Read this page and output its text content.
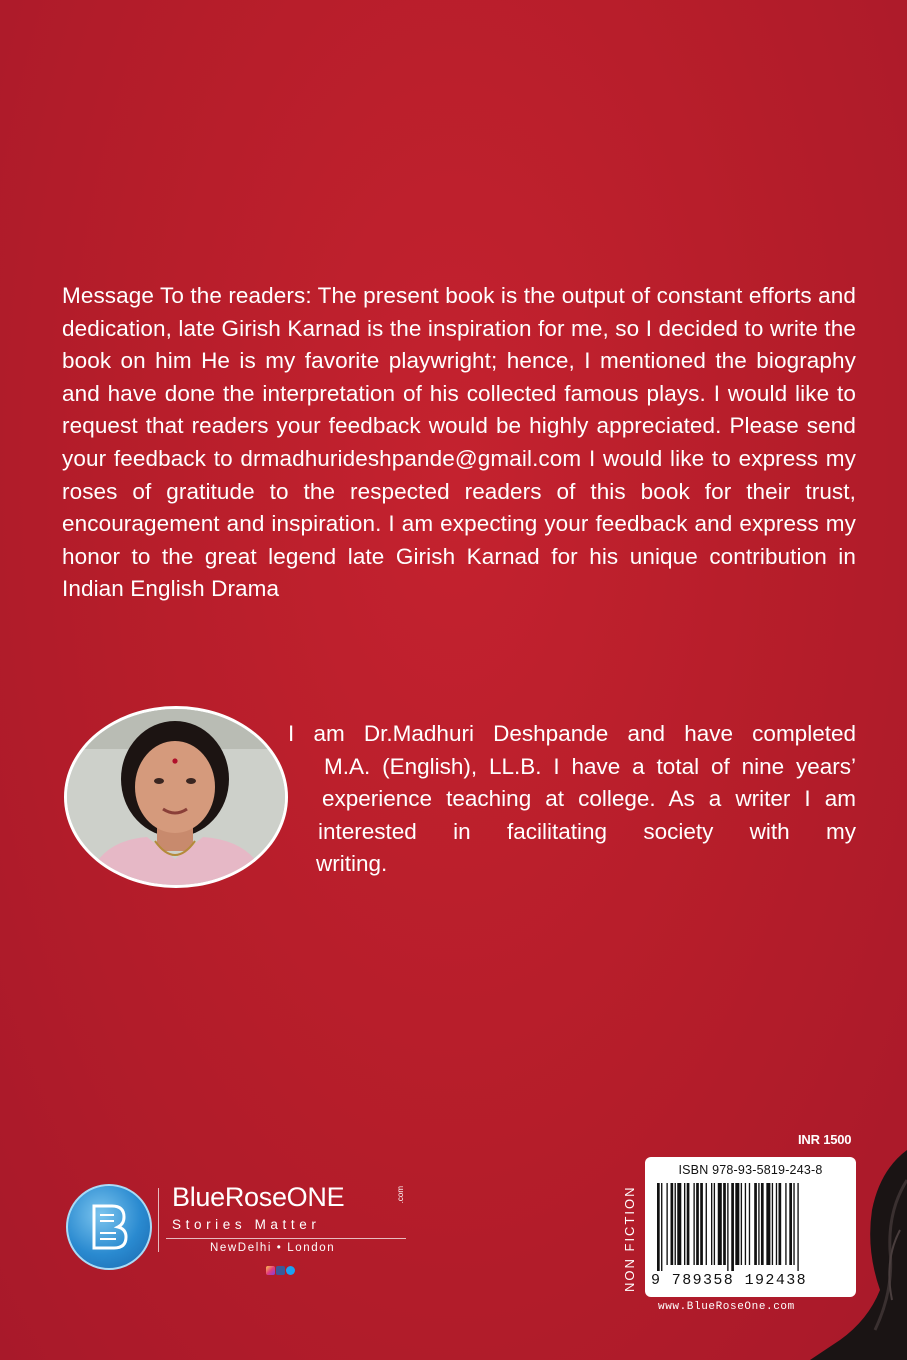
Message To the readers: The present book is the output of constant efforts and dedication, late Girish Karnad is the inspiration for me, so I decided to write the book on him He is my favorite playwright; hence, I mentioned the biography and have done the interpretation of his collected famous plays. I would like to request that readers your feedback would be highly appreciated. Please send your feedback to drmadhurideshpande@gmail.com I would like to express my roses of gratitude to the respected readers of this book for their trust, encouragement and inspiration. I am expecting your feedback and express my honor to the great legend late Girish Karnad for his unique contribution in Indian English Drama

I am Dr.Madhuri Deshpande and have completed
M.A. (English), LL.B. I have a total of nine years’
experience teaching at college. As a writer I am
interested in facilitating society with my
writing.

BlueRoseONE	.com
Stories Matter
NewDelhi • London
INR 1500
NON FICTION
ISBN 978-93-5819-243-8
9 789358 192438
www.BlueRoseOne.com
